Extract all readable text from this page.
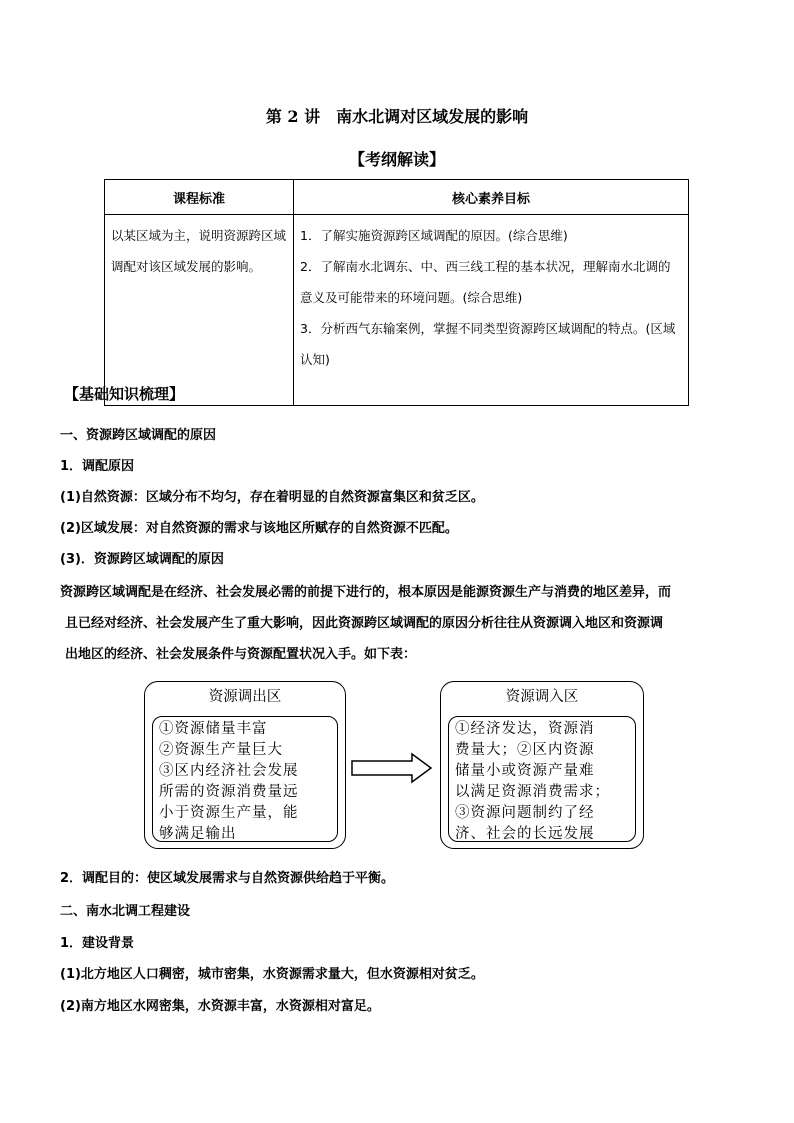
第 2 讲　南水北调对区域发展的影响
【考纲解读】
课程标准	核心素养目标
以某区域为主，说明资源跨区域调配对该区域发展的影响。	1．了解实施资源跨区域调配的原因。(综合思维)
2．了解南水北调东、中、西三线工程的基本状况，理解南水北调的意义及可能带来的环境问题。(综合思维)
3．分析西气东输案例，掌握不同类型资源跨区域调配的特点。(区域认知)
【基础知识梳理】
一、资源跨区域调配的原因
1．调配原因
(1)自然资源：区域分布不均匀，存在着明显的自然资源富集区和贫乏区。
(2)区域发展：对自然资源的需求与该地区所赋存的自然资源不匹配。
(3)．资源跨区域调配的原因
资源跨区域调配是在经济、社会发展必需的前提下进行的，根本原因是能源资源生产与消费的地区差异，而
且已经对经济、社会发展产生了重大影响，因此资源跨区域调配的原因分析往往从资源调入地区和资源调
出地区的经济、社会发展条件与资源配置状况入手。如下表：
资源调出区
①资源储量丰富
②资源生产量巨大
③区内经济社会发展
所需的资源消费量远
小于资源生产量，能
够满足输出
资源调入区
①经济发达，资源消
费量大；②区内资源
储量小或资源产量难
以满足资源消费需求；
③资源问题制约了经
济、社会的长远发展
2．调配目的：使区域发展需求与自然资源供给趋于平衡。
二、南水北调工程建设
1．建设背景
(1)北方地区人口稠密，城市密集，水资源需求量大，但水资源相对贫乏。
(2)南方地区水网密集，水资源丰富，水资源相对富足。
